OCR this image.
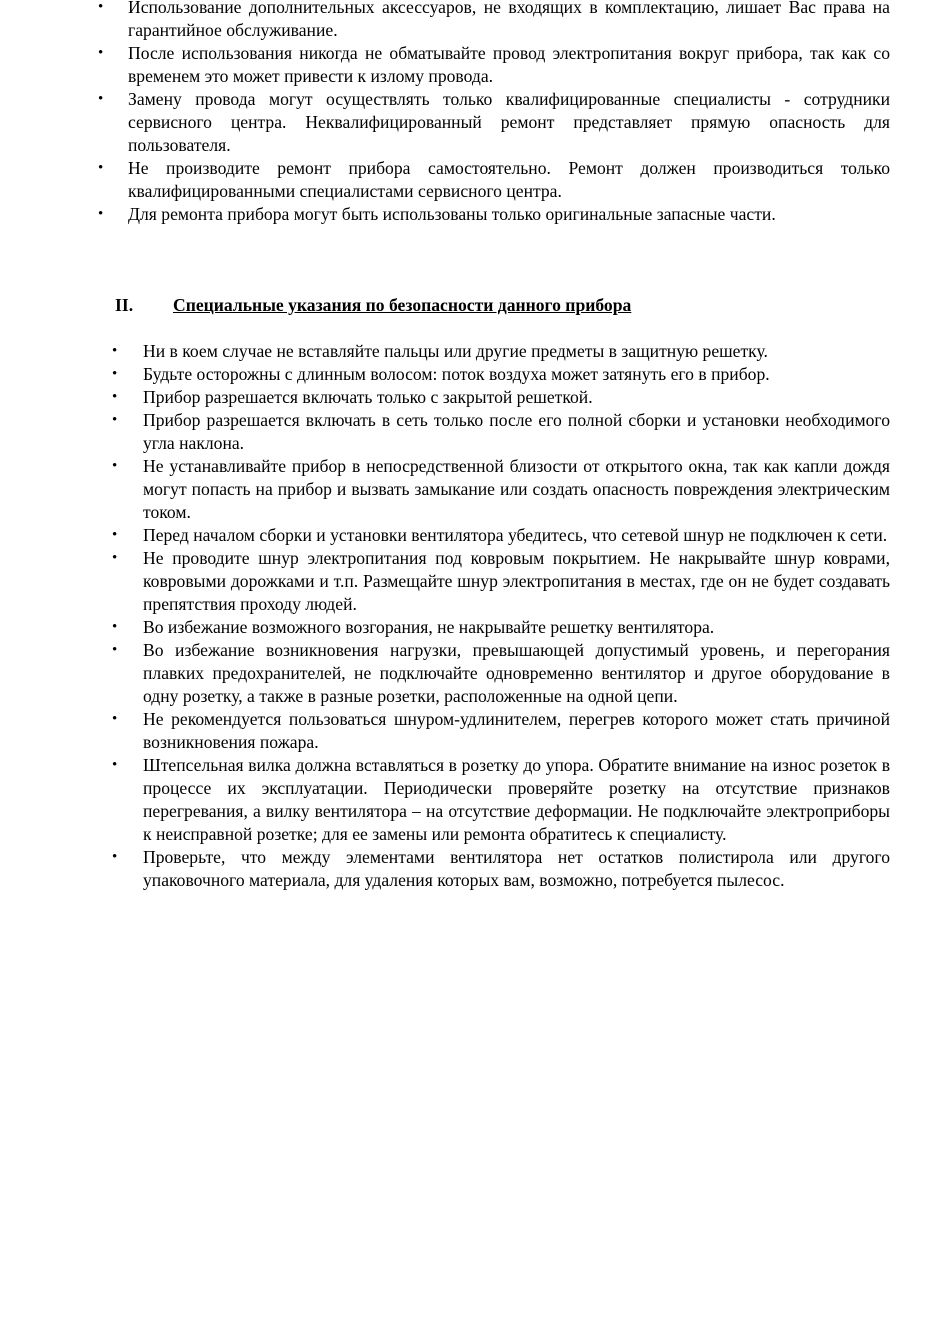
• Использование дополнительных аксессуаров, не входящих в комплектацию, лишает Вас права на гарантийное обслуживание.
• После использования никогда не обматывайте провод электропитания вокруг прибора, так как со временем это может привести к излому провода.
• Замену провода могут осуществлять только квалифицированные специалисты - сотрудники сервисного центра. Неквалифицированный ремонт представляет прямую опасность для пользователя.
• Не производите ремонт прибора самостоятельно. Ремонт должен производиться только квалифицированными специалистами сервисного центра.
• Для ремонта прибора могут быть использованы только оригинальные запасные части.
II. Специальные указания по безопасности данного прибора
• Ни в коем случае не вставляйте пальцы или другие предметы в защитную решетку.
• Будьте осторожны с длинным волосом: поток воздуха может затянуть его в прибор.
• Прибор разрешается включать только с закрытой решеткой.
• Прибор разрешается включать в сеть только после его полной сборки и установки необходимого угла наклона.
• Не устанавливайте прибор в непосредственной близости от открытого окна, так как капли дождя могут попасть на прибор и вызвать замыкание или создать опасность повреждения электрическим током.
• Перед началом сборки и установки вентилятора убедитесь, что сетевой шнур не подключен к сети.
• Не проводите шнур электропитания под ковровым покрытием. Не накрывайте шнур коврами, ковровыми дорожками и т.п. Размещайте шнур электропитания в местах, где он не будет создавать препятствия проходу людей.
• Во избежание возможного возгорания, не накрывайте решетку вентилятора.
• Во избежание возникновения нагрузки, превышающей допустимый уровень, и перегорания плавких предохранителей, не подключайте одновременно вентилятор и другое оборудование в одну розетку, а также в разные розетки, расположенные на одной цепи.
• Не рекомендуется пользоваться шнуром-удлинителем, перегрев которого может стать причиной возникновения пожара.
• Штепсельная вилка должна вставляться в розетку до упора. Обратите внимание на износ розеток в процессе их эксплуатации. Периодически проверяйте розетку на отсутствие признаков перегревания, а вилку вентилятора – на отсутствие деформации. Не подключайте электроприборы к неисправной розетке; для ее замены или ремонта обратитесь к специалисту.
• Проверьте, что между элементами вентилятора нет остатков полистирола или другого упаковочного материала, для удаления которых вам, возможно, потребуется пылесос.
